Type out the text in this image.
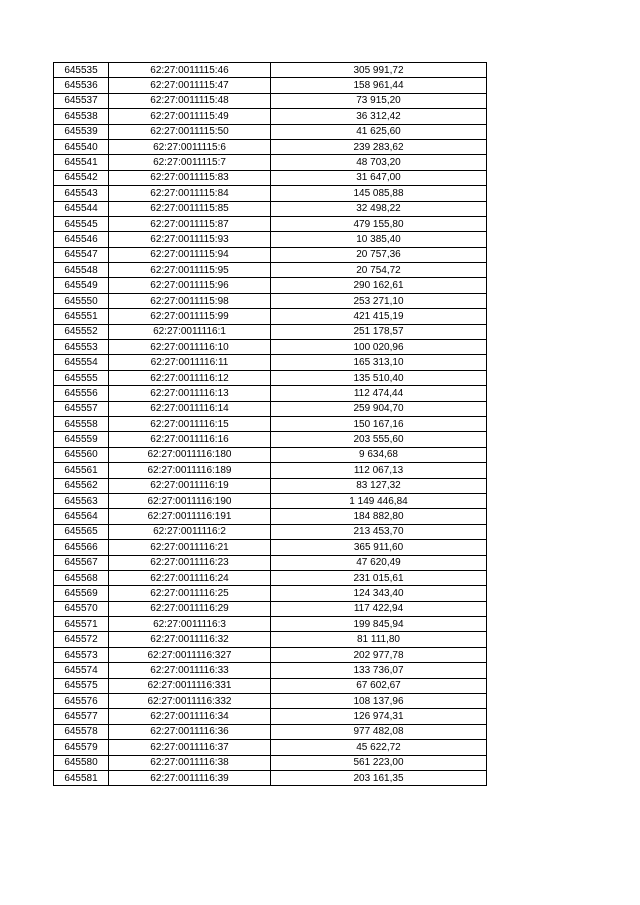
645535	62:27:0011115:46	305 991,72
645536	62:27:0011115:47	158 961,44
645537	62:27:0011115:48	73 915,20
645538	62:27:0011115:49	36 312,42
645539	62:27:0011115:50	41 625,60
645540	62:27:0011115:6	239 283,62
645541	62:27:0011115:7	48 703,20
645542	62:27:0011115:83	31 647,00
645543	62:27:0011115:84	145 085,88
645544	62:27:0011115:85	32 498,22
645545	62:27:0011115:87	479 155,80
645546	62:27:0011115:93	10 385,40
645547	62:27:0011115:94	20 757,36
645548	62:27:0011115:95	20 754,72
645549	62:27:0011115:96	290 162,61
645550	62:27:0011115:98	253 271,10
645551	62:27:0011115:99	421 415,19
645552	62:27:0011116:1	251 178,57
645553	62:27:0011116:10	100 020,96
645554	62:27:0011116:11	165 313,10
645555	62:27:0011116:12	135 510,40
645556	62:27:0011116:13	112 474,44
645557	62:27:0011116:14	259 904,70
645558	62:27:0011116:15	150 167,16
645559	62:27:0011116:16	203 555,60
645560	62:27:0011116:180	9 634,68
645561	62:27:0011116:189	112 067,13
645562	62:27:0011116:19	83 127,32
645563	62:27:0011116:190	1 149 446,84
645564	62:27:0011116:191	184 882,80
645565	62:27:0011116:2	213 453,70
645566	62:27:0011116:21	365 911,60
645567	62:27:0011116:23	47 620,49
645568	62:27:0011116:24	231 015,61
645569	62:27:0011116:25	124 343,40
645570	62:27:0011116:29	117 422,94
645571	62:27:0011116:3	199 845,94
645572	62:27:0011116:32	81 111,80
645573	62:27:0011116:327	202 977,78
645574	62:27:0011116:33	133 736,07
645575	62:27:0011116:331	67 602,67
645576	62:27:0011116:332	108 137,96
645577	62:27:0011116:34	126 974,31
645578	62:27:0011116:36	977 482,08
645579	62:27:0011116:37	45 622,72
645580	62:27:0011116:38	561 223,00
645581	62:27:0011116:39	203 161,35
